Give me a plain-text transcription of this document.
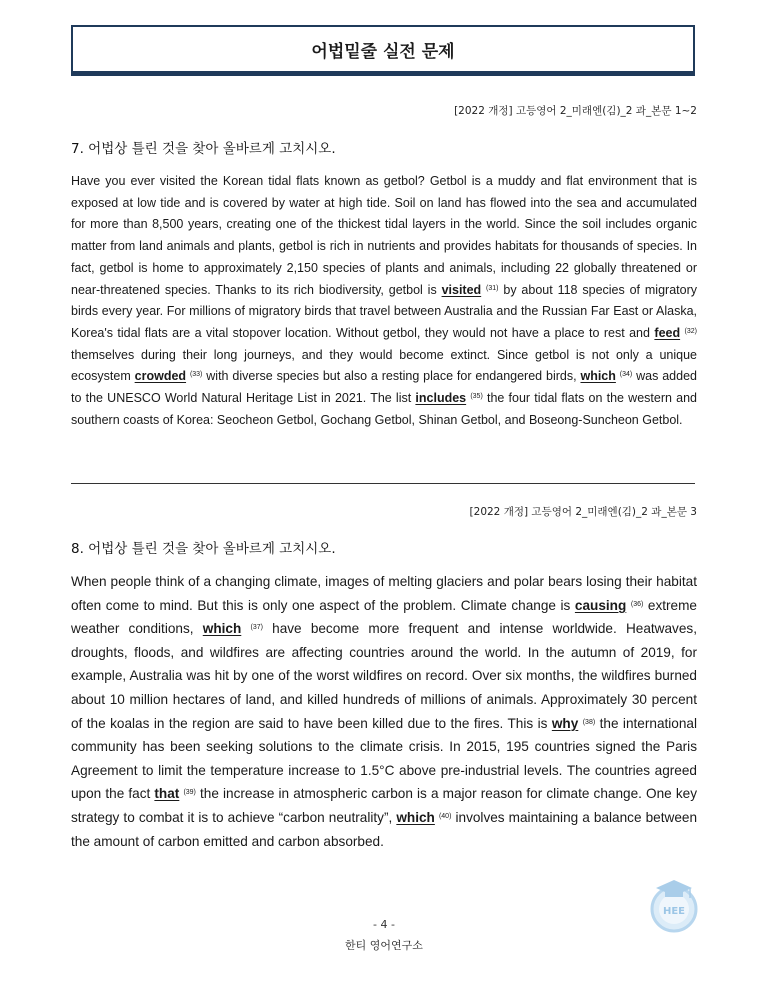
어법밑줄 실전 문제
[2022 개정] 고등영어 2_미래엔(김)_2 과_본문 1~2
7. 어법상 틀린 것을 찾아 올바르게 고치시오.
Have you ever visited the Korean tidal flats known as getbol? Getbol is a muddy and flat environment that is exposed at low tide and is covered by water at high tide. Soil on land has flowed into the sea and accumulated for more than 8,500 years, creating one of the thickest tidal layers in the world. Since the soil includes organic matter from land animals and plants, getbol is rich in nutrients and provides habitats for thousands of species. In fact, getbol is home to approximately 2,150 species of plants and animals, including 22 globally threatened or near-threatened species. Thanks to its rich biodiversity, getbol is visited $^{(31)}$ by about 118 species of migratory birds every year. For millions of migratory birds that travel between Australia and the Russian Far East or Alaska, Korea's tidal flats are a vital stopover location. Without getbol, they would not have a place to rest and feed $^{(32)}$ themselves during their long journeys, and they would become extinct. Since getbol is not only a unique ecosystem crowded $^{(33)}$ with diverse species but also a resting place for endangered birds, which $^{(34)}$ was added to the UNESCO World Natural Heritage List in 2021. The list includes $^{(35)}$ the four tidal flats on the western and southern coasts of Korea: Seocheon Getbol, Gochang Getbol, Shinan Getbol, and Boseong-Suncheon Getbol.
[2022 개정] 고등영어 2_미래엔(김)_2 과_본문 3
8. 어법상 틀린 것을 찾아 올바르게 고치시오.
When people think of a changing climate, images of melting glaciers and polar bears losing their habitat often come to mind. But this is only one aspect of the problem. Climate change is causing $^{(36)}$ extreme weather conditions, which $^{(37)}$ have become more frequent and intense worldwide. Heatwaves, droughts, floods, and wildfires are affecting countries around the world. In the autumn of 2019, for example, Australia was hit by one of the worst wildfires on record. Over six months, the wildfires burned about 10 million hectares of land, and killed hundreds of millions of animals. Approximately 30 percent of the koalas in the region are said to have been killed due to the fires. This is why $^{(38)}$ the international community has been seeking solutions to the climate crisis. In 2015, 195 countries signed the Paris Agreement to limit the temperature increase to 1.5°C above pre-industrial levels. The countries agreed upon the fact that $^{(39)}$ the increase in atmospheric carbon is a major reason for climate change. One key strategy to combat it is to achieve “carbon neutrality”, which $^{(40)}$ involves maintaining a balance between the amount of carbon emitted and carbon absorbed.
HEE
- 4 -
한티 영어연구소
